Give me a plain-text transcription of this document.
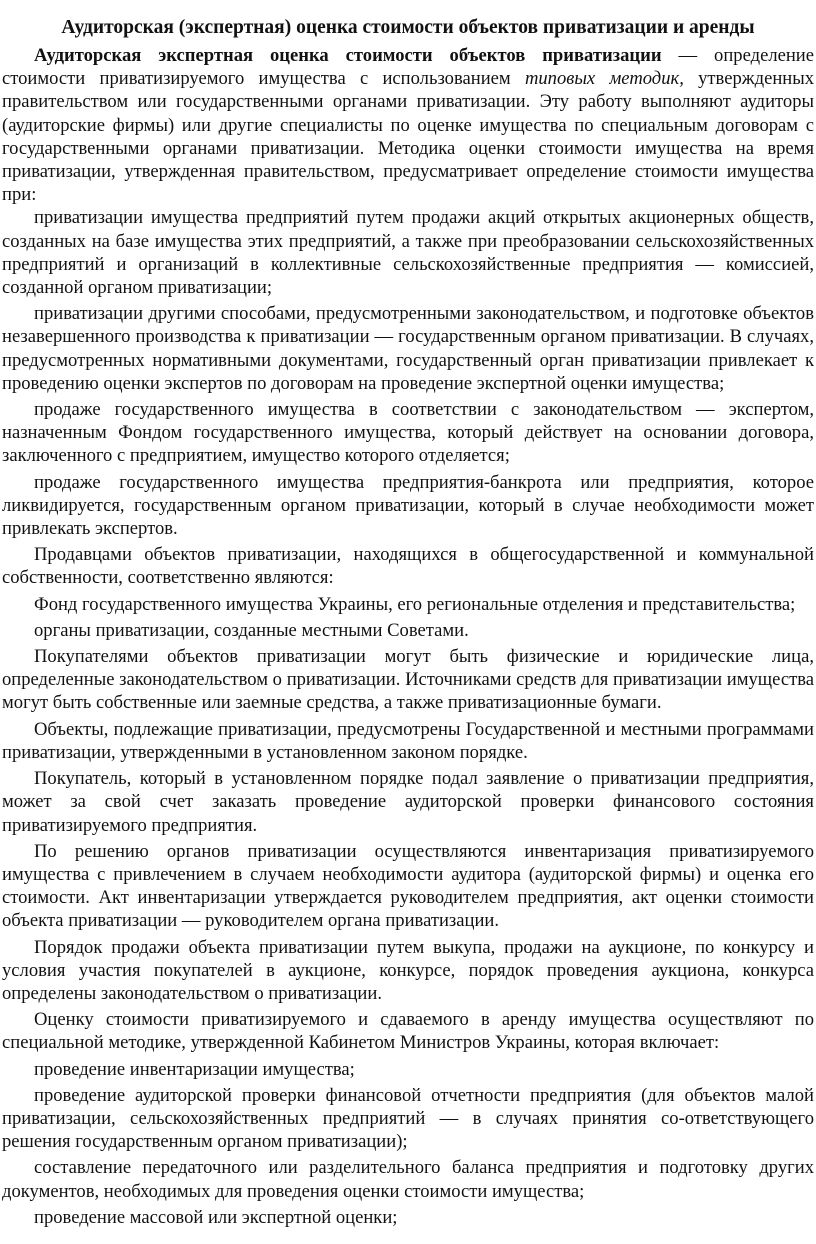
Аудиторская (экспертная) оценка стоимости объектов приватизации и аренды

Аудиторская экспертная оценка стоимости объектов приватизации — определение стоимости приватизируемого имущества с использованием типовых методик, утвержденных правительством или государственными органами приватизации. Эту работу выполняют аудиторы (аудиторские фирмы) или другие специалисты по оценке имущества по специальным договорам с государственными органами приватизации. Методика оценки стоимости имущества на время приватизации, утвержденная правительством, предусматривает определение стоимости имущества при:

приватизации имущества предприятий путем продажи акций открытых акционерных обществ, созданных на базе имущества этих предприятий, а также при преобразовании сельскохозяйственных предприятий и организаций в коллективные сельскохозяйственные предприятия — комиссией, созданной органом приватизации;

приватизации другими способами, предусмотренными законодательством, и подготовке объектов незавершенного производства к приватизации — государственным органом приватизации. В случаях, предусмотренных нормативными документами, государственный орган приватизации привлекает к проведению оценки экспертов по договорам на проведение экспертной оценки имущества;

продаже государственного имущества в соответствии с законодательством — экспертом, назначенным Фондом государственного имущества, который действует на основании договора, заключенного с предприятием, имущество которого отделяется;

продаже государственного имущества предприятия-банкрота или предприятия, которое ликвидируется, государственным органом приватизации, который в случае необходимости может привлекать экспертов.

Продавцами объектов приватизации, находящихся в общегосударственной и коммунальной собственности, соответственно являются:

Фонд государственного имущества Украины, его региональные отделения и представительства;

органы приватизации, созданные местными Советами.

Покупателями объектов приватизации могут быть физические и юридические лица, определенные законодательством о приватизации. Источниками средств для приватизации имущества могут быть собственные или заемные средства, а также приватизационные бумаги.

Объекты, подлежащие приватизации, предусмотрены Государственной и местными программами приватизации, утвержденными в установленном законом порядке.

Покупатель, который в установленном порядке подал заявление о приватизации предприятия, может за свой счет заказать проведение аудиторской проверки финансового состояния приватизируемого предприятия.

По решению органов приватизации осуществляются инвентаризация приватизируемого имущества с привлечением в случаем необходимости аудитора (аудиторской фирмы) и оценка его стоимости. Акт инвентаризации утверждается руководителем предприятия, акт оценки стоимости объекта приватизации — руководителем органа приватизации.

Порядок продажи объекта приватизации путем выкупа, продажи на аукционе, по конкурсу и условия участия покупателей в аукционе, конкурсе, порядок проведения аукциона, конкурса определены законодательством о приватизации.

Оценку стоимости приватизируемого и сдаваемого в аренду имущества осуществляют по специальной методике, утвержденной Кабинетом Министров Украины, которая включает:

проведение инвентаризации имущества;

проведение аудиторской проверки финансовой отчетности предприятия (для объектов малой приватизации, сельскохозяйственных предприятий — в случаях принятия со-ответствующего решения государственным органом приватизации);

составление передаточного или разделительного баланса предприятия и подготовку других документов, необходимых для проведения оценки стоимости имущества;

проведение массовой или экспертной оценки;
